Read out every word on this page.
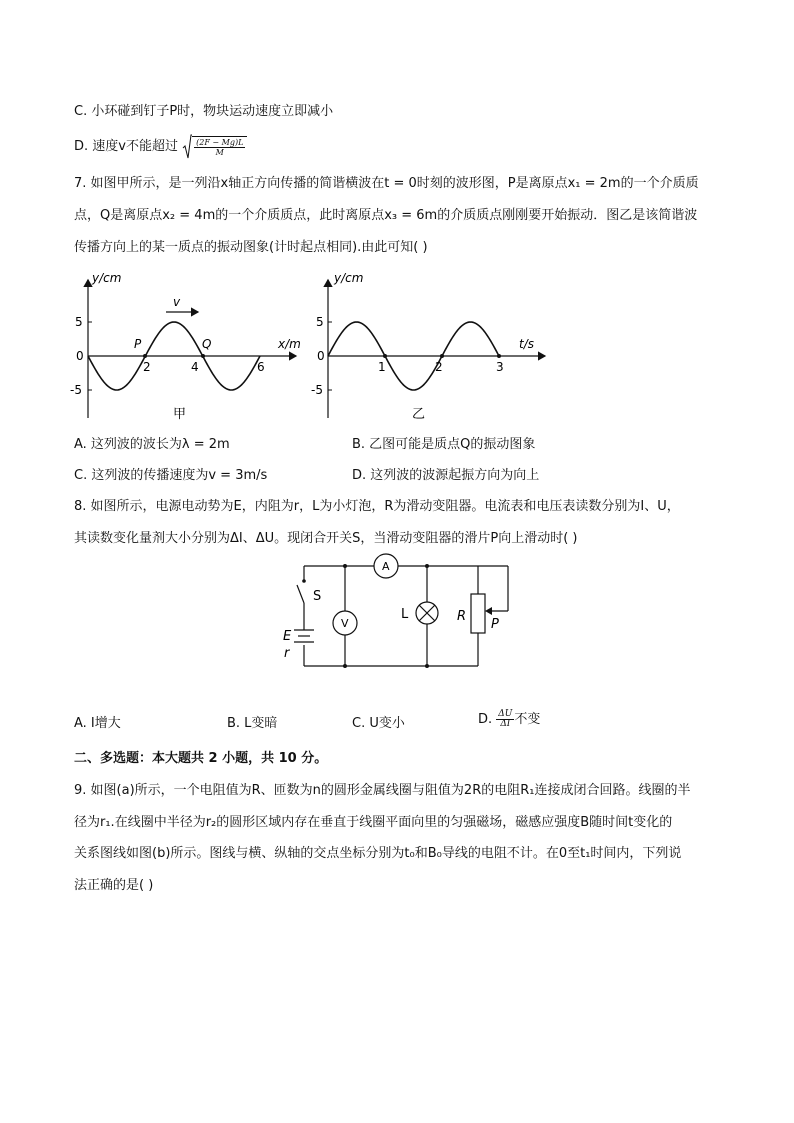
C. 小环碰到钉子P时，物块运动速度立即减小
D. 速度v不能超过 $\frac{(2F - Mg)L}{M}$
7. 如图甲所示，是一列沿x轴正方向传播的简谐横波在t = 0时刻的波形图，P是离原点x₁ = 2m的一个介质质
点，Q是离原点x₂ = 4m的一个介质质点，此时离原点x₃ = 6m的介质质点刚刚要开始振动．图乙是该简谐波
传播方向上的某一质点的振动图象(计时起点相同).由此可知( )
v
y/cm
x/m
5
0
-5
P	Q
2	4	6
甲
y/cm
t/s
5
0
-5
1	2	3
乙
A. 这列波的波长为λ = 2m	B. 乙图可能是质点Q的振动图象
C. 这列波的传播速度为v = 3m/s	D. 这列波的波源起振方向为向上
8. 如图所示，电源电动势为E，内阻为r，L为小灯泡，R为滑动变阻器。电流表和电压表读数分别为I、U，
其读数变化量剂大小分别为ΔI、ΔU。现闭合开关S，当滑动变阻器的滑片P向上滑动时( )
A
V
L	R
P
S
E
r
A. I增大	B. L变暗	C. U变小	D. $\frac{\Delta U}{\Delta I}$ 不变
二、多选题：本大题共 2 小题，共 10 分。
9. 如图(a)所示，一个电阻值为R、匝数为n的圆形金属线圈与阻值为2R的电阻R₁连接成闭合回路。线圈的半
径为r₁.在线圈中半径为r₂的圆形区域内存在垂直于线圈平面向里的匀强磁场，磁感应强度B随时间t变化的
关系图线如图(b)所示。图线与横、纵轴的交点坐标分别为t₀和B₀导线的电阻不计。在0至t₁时间内，下列说
法正确的是( )
